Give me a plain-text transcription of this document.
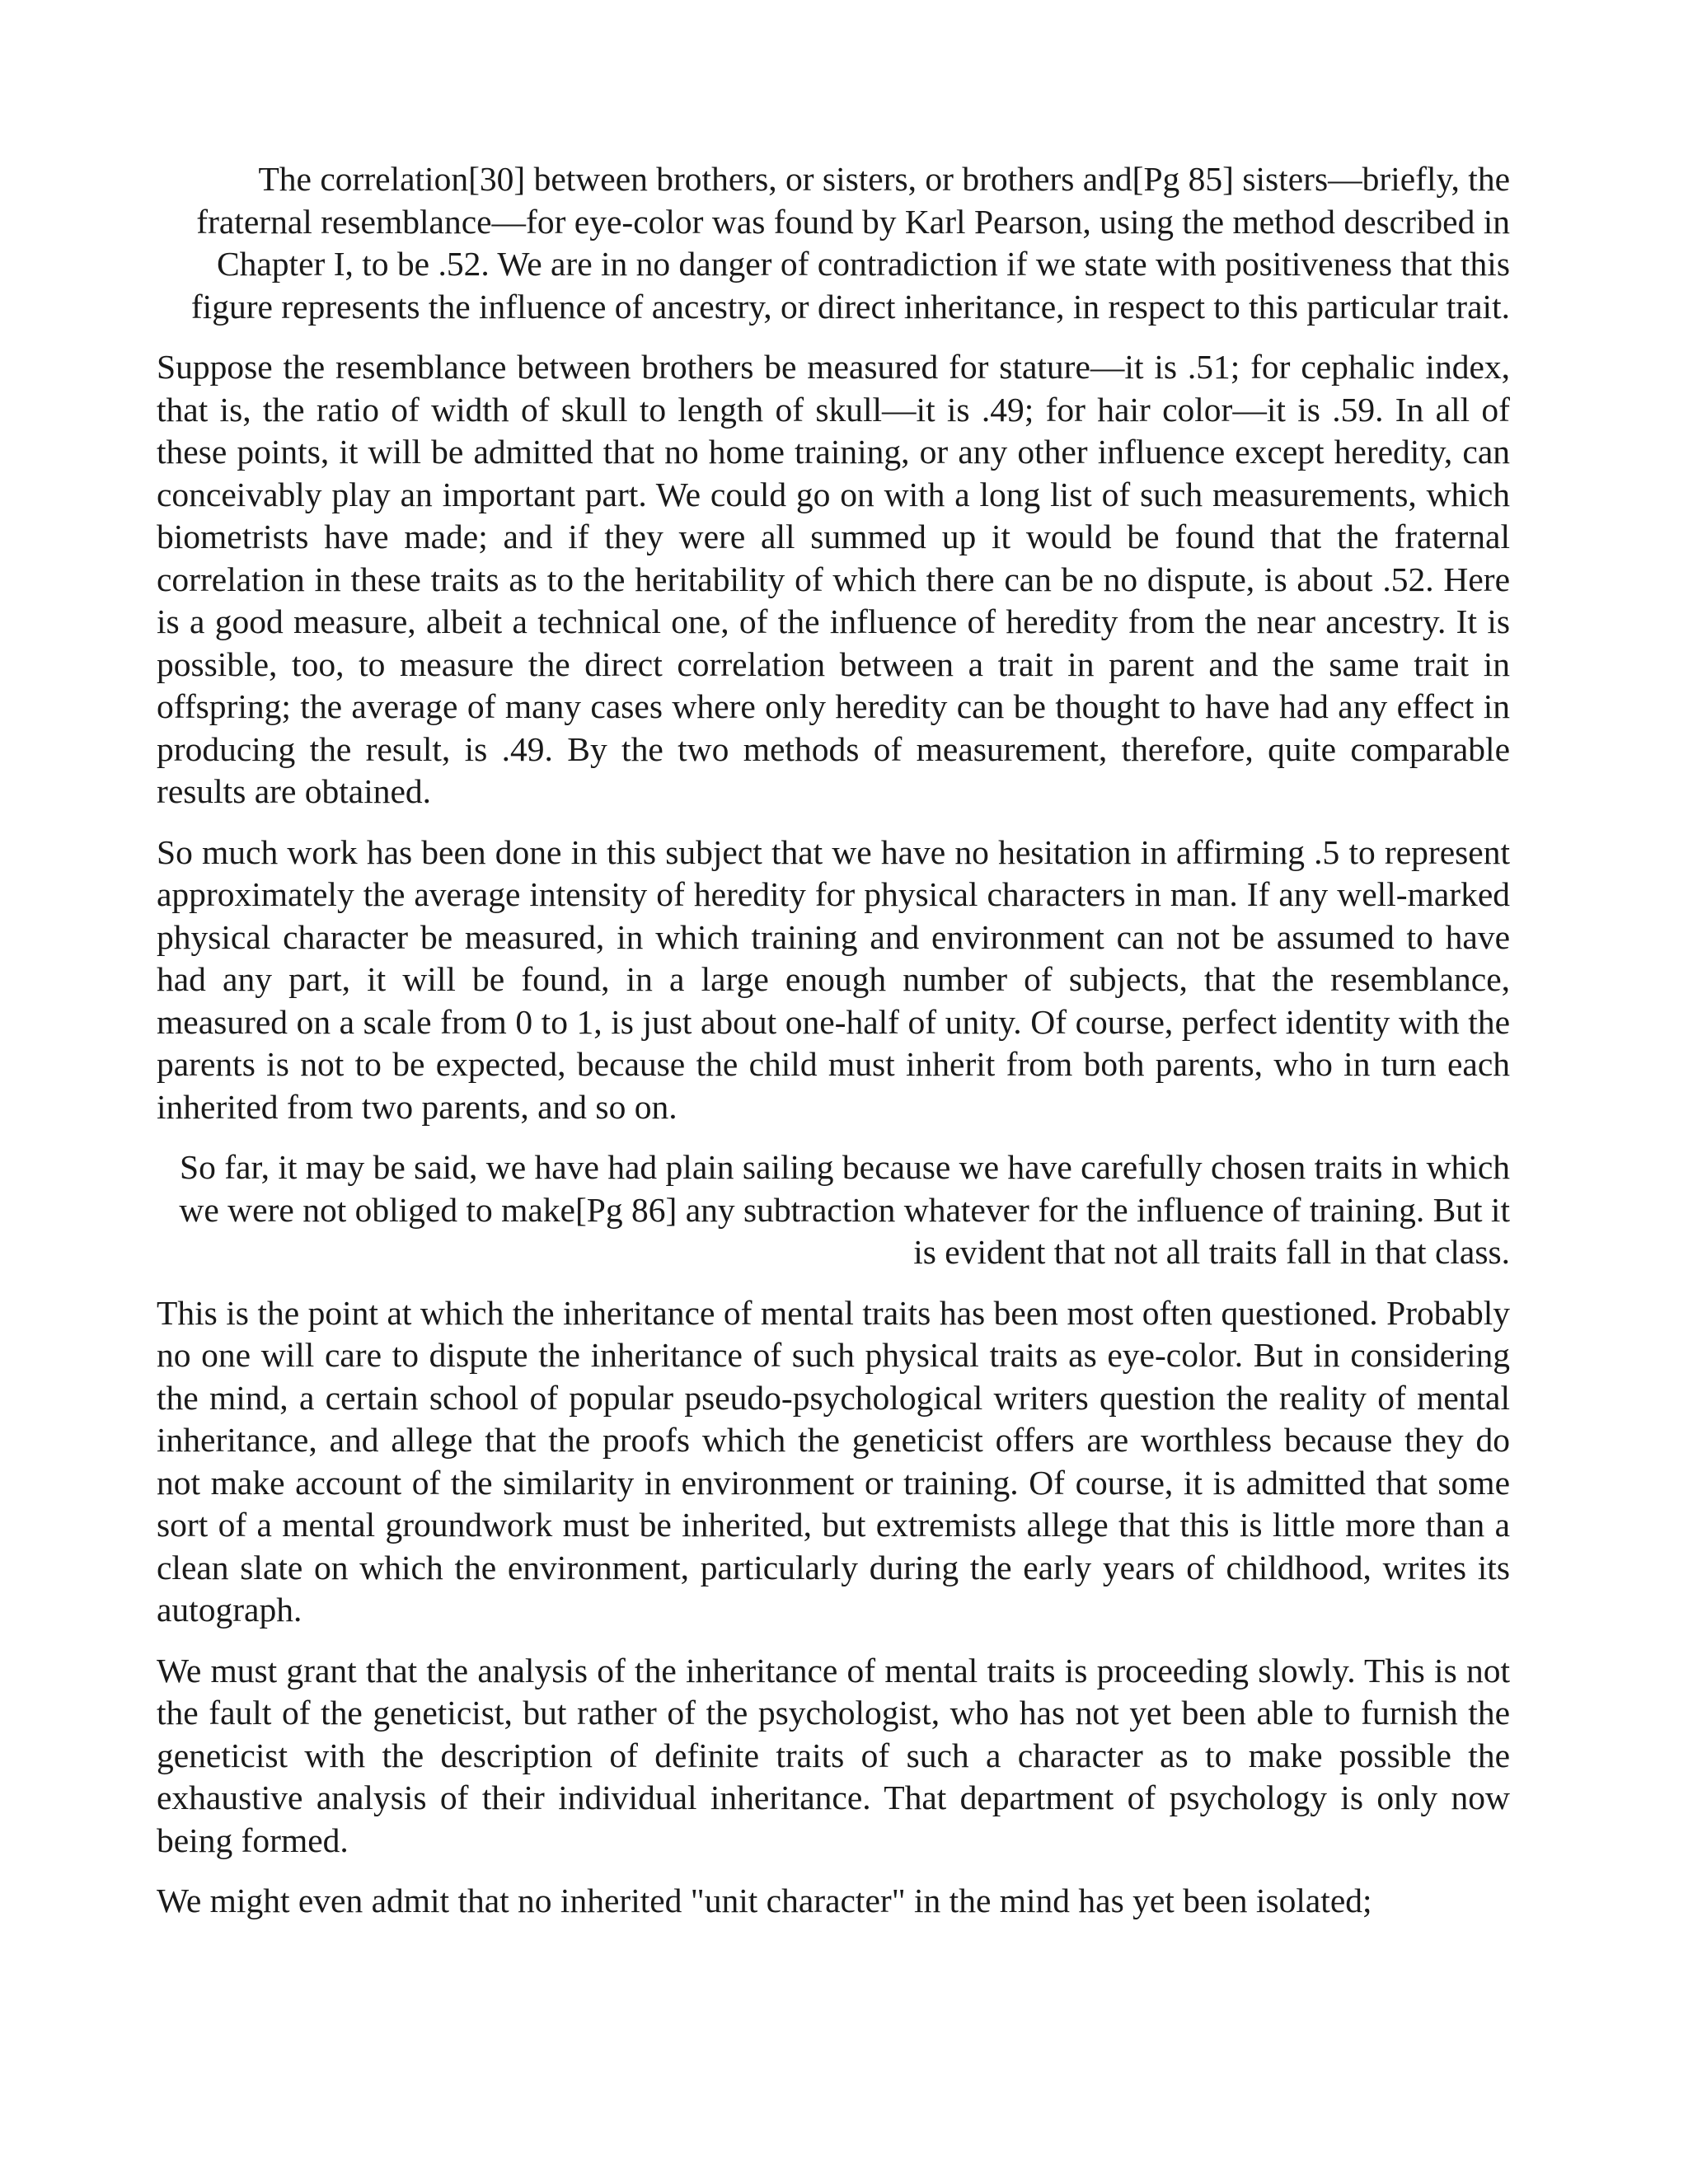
The correlation[30] between brothers, or sisters, or brothers and[Pg 85] sisters—briefly, the fraternal resemblance—for eye-color was found by Karl Pearson, using the method described in Chapter I, to be .52. We are in no danger of contradiction if we state with positiveness that this figure represents the influence of ancestry, or direct inheritance, in respect to this particular trait.

Suppose the resemblance between brothers be measured for stature—it is .51; for cephalic index, that is, the ratio of width of skull to length of skull—it is .49; for hair color—it is .59. In all of these points, it will be admitted that no home training, or any other influence except heredity, can conceivably play an important part. We could go on with a long list of such measurements, which biometrists have made; and if they were all summed up it would be found that the fraternal correlation in these traits as to the heritability of which there can be no dispute, is about .52. Here is a good measure, albeit a technical one, of the influence of heredity from the near ancestry. It is possible, too, to measure the direct correlation between a trait in parent and the same trait in offspring; the average of many cases where only heredity can be thought to have had any effect in producing the result, is .49. By the two methods of measurement, therefore, quite comparable results are obtained.

So much work has been done in this subject that we have no hesitation in affirming .5 to represent approximately the average intensity of heredity for physical characters in man. If any well-marked physical character be measured, in which training and environment can not be assumed to have had any part, it will be found, in a large enough number of subjects, that the resemblance, measured on a scale from 0 to 1, is just about one-half of unity. Of course, perfect identity with the parents is not to be expected, because the child must inherit from both parents, who in turn each inherited from two parents, and so on.

So far, it may be said, we have had plain sailing because we have carefully chosen traits in which we were not obliged to make[Pg 86] any subtraction whatever for the influence of training. But it is evident that not all traits fall in that class.

This is the point at which the inheritance of mental traits has been most often questioned. Probably no one will care to dispute the inheritance of such physical traits as eye-color. But in considering the mind, a certain school of popular pseudo-psychological writers question the reality of mental inheritance, and allege that the proofs which the geneticist offers are worthless because they do not make account of the similarity in environment or training. Of course, it is admitted that some sort of a mental groundwork must be inherited, but extremists allege that this is little more than a clean slate on which the environment, particularly during the early years of childhood, writes its autograph.

We must grant that the analysis of the inheritance of mental traits is proceeding slowly. This is not the fault of the geneticist, but rather of the psychologist, who has not yet been able to furnish the geneticist with the description of definite traits of such a character as to make possible the exhaustive analysis of their individual inheritance. That department of psychology is only now being formed.

We might even admit that no inherited "unit character" in the mind has yet been isolated;
